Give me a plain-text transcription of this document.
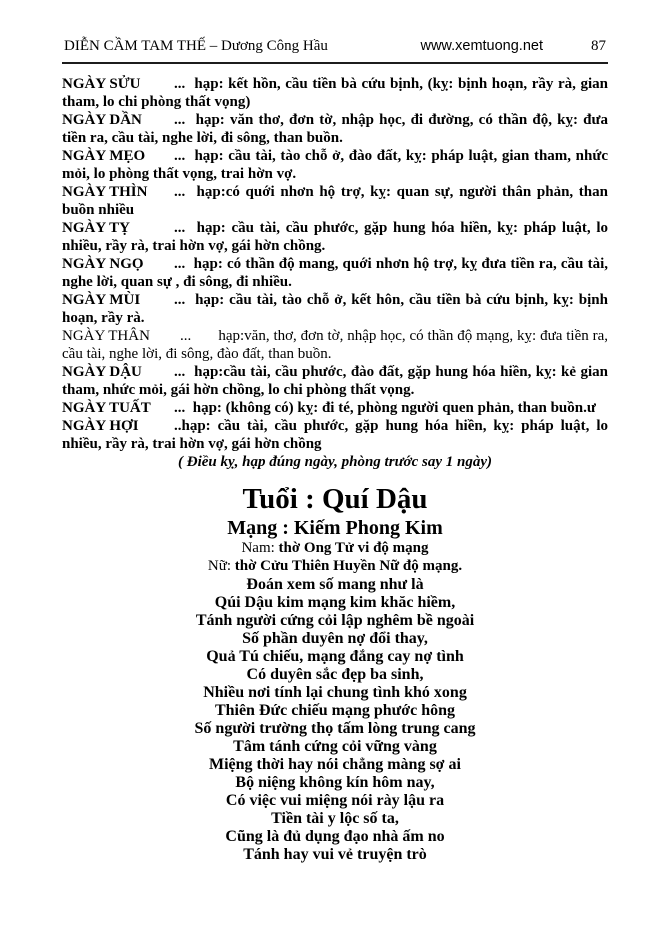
DIỄN CẦM TAM THẾ – Dương Công Hầu	www.xemtuong.net	87

NGÀY SỬU ...  hạp: kết hồn, cầu tiền bà cứu bịnh, (kỵ: bịnh hoạn, rầy rà, gian tham, lo chi phòng thất vọng)

NGÀY DẦN ...  hạp: văn thơ, đơn tờ, nhập học, đi đường, có thần độ, kỵ: đưa tiền ra, cầu tài, nghe lời, đi sông, than buồn.

NGÀY MẸO ...  hạp: cầu tài, tào chỗ ở, đào đất, kỵ: pháp luật, gian tham, nhức mỏi, lo phòng thất vọng, trai hờn vợ.

NGÀY THÌN ...  hạp:có quới nhơn hộ trợ, kỵ: quan sự, người thân phản, than buồn nhiều

NGÀY TỴ	...  hạp: cầu tài, cầu phước, gặp hung hóa hiền, kỵ: pháp luật, lo nhiều, rầy rà, trai hờn vợ, gái hờn chồng.

NGÀY NGỌ ...  hạp: có thần độ mang, quới nhơn hộ trợ, kỵ đưa tiền ra, cầu tài, nghe lời, quan sự , đi sông, đi nhiều.

NGÀY MÙI ...  hạp: cầu tài, tào chỗ ở, kết hôn, cầu tiền bà cứu bịnh, kỵ: bịnh hoạn, rầy rà.

NGÀY THÂN ...       hạp:văn, thơ, đơn tờ, nhập học, có thần độ mạng, kỵ: đưa tiền ra, cầu tài, nghe lời, đi sông, đào đất, than buồn.

NGÀY DẬU ...  hạp:cầu tài, cầu phước, đào đất, gặp hung hóa hiền, kỵ: kẻ gian tham, nhức mỏi, gái hờn chồng, lo chi phòng thất vọng.

NGÀY TUẤT ...  hạp: (không có) kỵ: đi té, phòng người quen phản, than buồn.ư

NGÀY HỢI ..hạp: cầu tài, cầu phước, gặp hung hóa hiền, kỵ: pháp luật, lo nhiều, rầy rà, trai hờn vợ, gái hờn chồng

( Điều kỵ, hạp đúng ngày, phòng trước say 1 ngày)

Tuổi : Quí Dậu
Mạng : Kiếm Phong Kim
Nam: thờ Ong Tử vi độ mạng
Nữ: thờ Cửu Thiên Huyền Nữ độ mạng.
Đoán xem số mang như là
Qúi Dậu kim mạng kim khăc hiềm,
Tánh người cứng cỏi lập nghêm bề ngoài
Số phần duyên nợ đổi thay,
Quả Tú chiếu, mạng đắng cay nợ tình
Có duyên sắc đẹp ba sinh,
Nhiều nơi tính lại chung tình khó xong
Thiên Đức chiếu mạng phước hông
Số người trường thọ tấm lòng trung cang
Tâm tánh cứng cỏi vững vàng
Miệng thời hay nói chẳng màng sợ ai
Bộ niệng không kín hôm nay,
Có việc vui miệng nói rày lậu ra
Tiền tài y lộc số ta,
Cũng là đủ dụng đạo nhà ấm no
Tánh hay vui vẻ truyện trò
